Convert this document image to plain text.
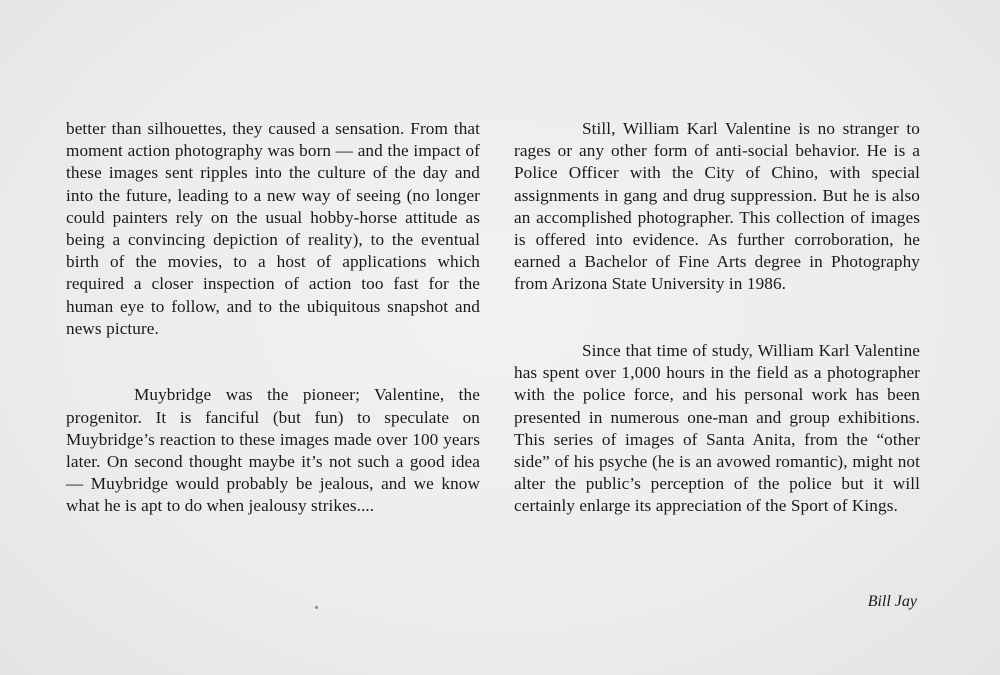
better than silhouettes, they caused a sensation. From that moment action photography was born — and the impact of these images sent ripples into the culture of the day and into the future, leading to a new way of seeing (no longer could painters rely on the usual hobby-horse attitude as being a convincing depiction of reality), to the eventual birth of the movies, to a host of applications which required a closer inspection of action too fast for the human eye to follow, and to the ubiquitous snapshot and news picture.

Muybridge was the pioneer; Valentine, the progenitor. It is fanciful (but fun) to speculate on Muybridge’s reaction to these images made over 100 years later. On second thought maybe it’s not such a good idea — Muybridge would probably be jealous, and we know what he is apt to do when jealousy strikes....

Still, William Karl Valentine is no stranger to rages or any other form of anti-social behavior. He is a Police Officer with the City of Chino, with special assignments in gang and drug suppression. But he is also an accomplished photographer. This collection of images is offered into evidence. As further corroboration, he earned a Bachelor of Fine Arts degree in Photography from Arizona State University in 1986.

Since that time of study, William Karl Valentine has spent over 1,000 hours in the field as a photographer with the police force, and his personal work has been presented in numerous one-man and group exhibitions. This series of images of Santa Anita, from the “other side” of his psyche (he is an avowed romantic), might not alter the public’s perception of the police but it will certainly enlarge its appreciation of the Sport of Kings.

Bill Jay
